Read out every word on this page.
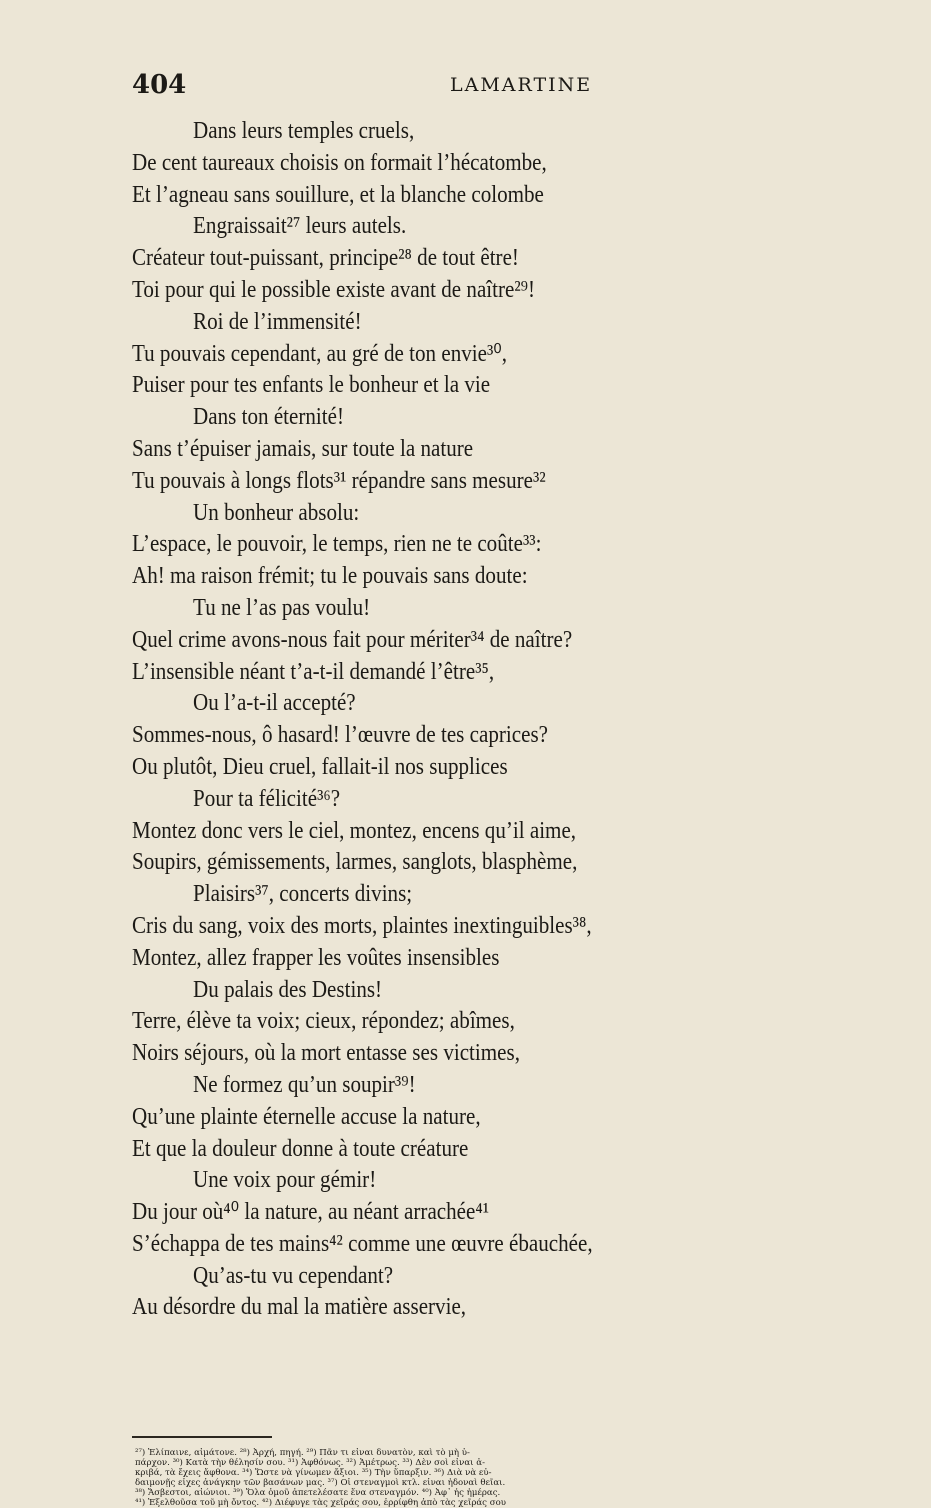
404	LAMARTINE
Dans leurs temples cruels,
De cent taureaux choisis on formait l’hécatombe,
Et l’agneau sans souillure, et la blanche colombe
Engraissait²⁷ leurs autels.
Créateur tout-puissant, principe²⁸ de tout être!
Toi pour qui le possible existe avant de naître²⁹!
Roi de l’immensité!
Tu pouvais cependant, au gré de ton envie³⁰,
Puiser pour tes enfants le bonheur et la vie
Dans ton éternité!
Sans t’épuiser jamais, sur toute la nature
Tu pouvais à longs flots³¹ répandre sans mesure³²
Un bonheur absolu:
L’espace, le pouvoir, le temps, rien ne te coûte³³:
Ah! ma raison frémit; tu le pouvais sans doute:
Tu ne l’as pas voulu!
Quel crime avons-nous fait pour mériter³⁴ de naître?
L’insensible néant t’a-t-il demandé l’être³⁵,
Ou l’a-t-il accepté?
Sommes-nous, ô hasard! l’œuvre de tes caprices?
Ou plutôt, Dieu cruel, fallait-il nos supplices
Pour ta félicité³⁶?
Montez donc vers le ciel, montez, encens qu’il aime,
Soupirs, gémissements, larmes, sanglots, blasphème,
Plaisirs³⁷, concerts divins;
Cris du sang, voix des morts, plaintes inextinguibles³⁸,
Montez, allez frapper les voûtes insensibles
Du palais des Destins!
Terre, élève ta voix; cieux, répondez; abîmes,
Noirs séjours, où la mort entasse ses victimes,
Ne formez qu’un soupir³⁹!
Qu’une plainte éternelle accuse la nature,
Et que la douleur donne à toute créature
Une voix pour gémir!
Du jour où⁴⁰ la nature, au néant arrachée⁴¹
S’échappa de tes mains⁴² comme une œuvre ébauchée,
Qu’as-tu vu cependant?
Au désordre du mal la matière asservie,
²⁷) Ἐλίπαινε, αἱμάτονε. ²⁸) Ἀρχή, πηγή. ²⁹) Πᾶν τι εἶναι δυνατὸν, καὶ τὸ μὴ ὑ-
πάρχον. ³⁰) Κατὰ τὴν θέλησίν σου. ³¹) Ἀφθόνως. ³²) Ἀμέτρως. ³³) Δὲν σοὶ εἶναι ἀ-
κριβά, τὰ ἔχεις ἄφθονα. ³⁴) Ὥστε νὰ γίνωμεν ἄξιοι. ³⁵) Τὴν ὕπαρξιν. ³⁶) Διὰ νὰ εὐ-
δαιμονῇς εἶχες ἀνάγκην τῶν βασάνων μας. ³⁷) Οἱ στεναγμοὶ κτλ. εἶναι ἡδοναὶ θεῖαι.
³⁸) Ἄσβεστοι, αἰώνιοι. ³⁹) Ὅλα ὁμοῦ ἀπετελέσατε ἕνα στεναγμόν. ⁴⁰) Ἀφ᾽ ἧς ἡμέρας.
⁴¹) Ἐξελθοῦσα τοῦ μὴ ὄντος. ⁴²) Διέφυγε τὰς χεῖράς σου, ἐρρίφθη ἀπὸ τὰς χεῖράς σου
